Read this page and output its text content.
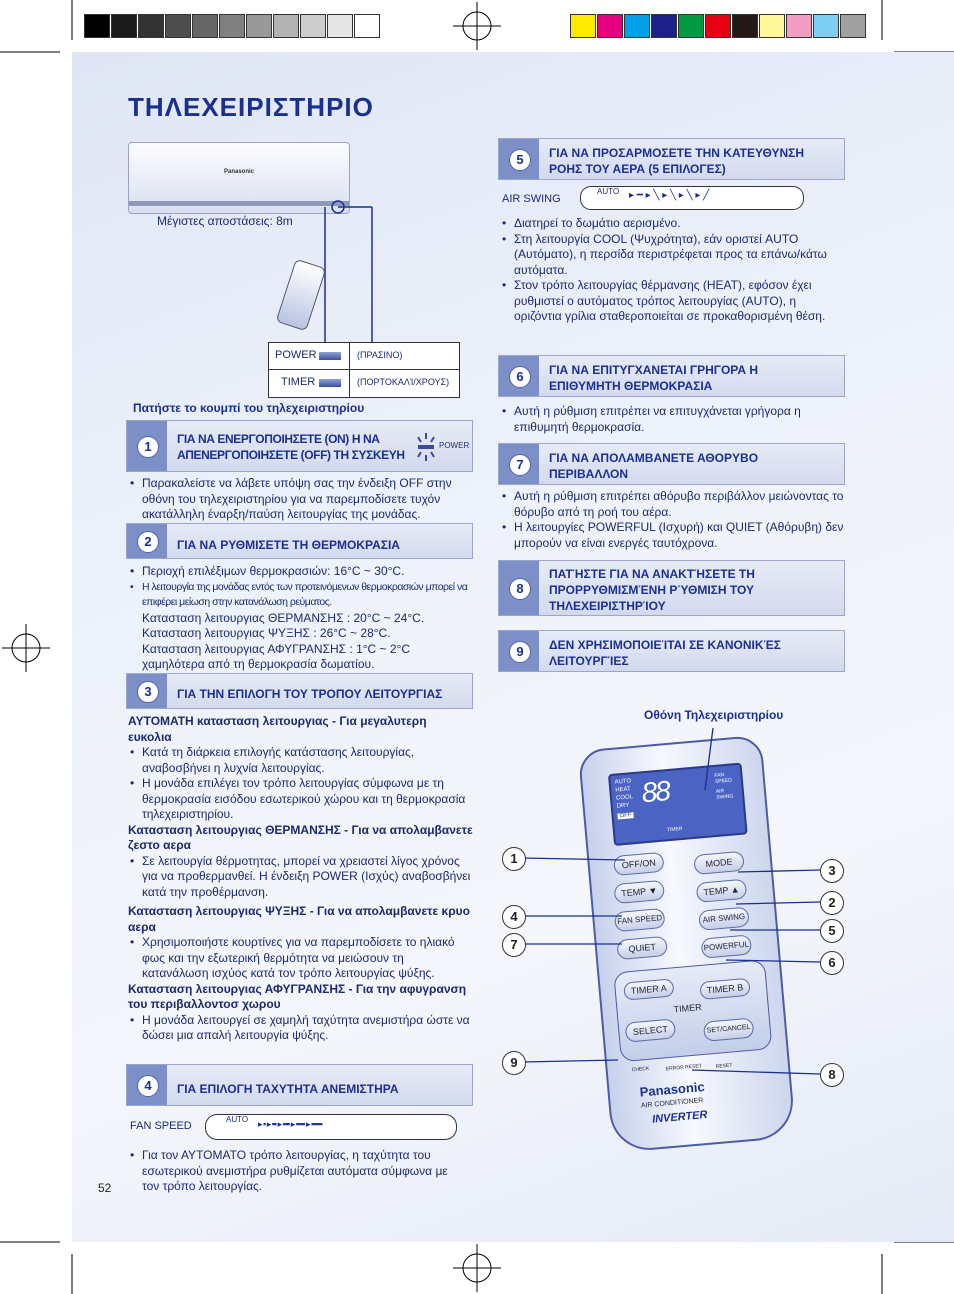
ΤΗΛΕΧΕΙΡΙΣΤΗΡΙΟ
Panasonic
Μέγιστες αποστάσεις: 8m
POWER	(ΠΡΑΣΙΝΟ)
TIMER	(ΠΟΡΤΟΚΑΛΊ/ΧΡΟΥΣ)
Πατήστε το κουμπί του τηλεχειριστηρίου
1	ΓΙΑ ΝΑ ΕΝΕΡΓΟΠΟΙΗΣΕΤΕ (ON) Η ΝΑ
ΑΠΕΝΕΡΓΟΠΟΙΗΣΕΤΕ (OFF) ΤΗ ΣΥΣΚΕΥΗ
POWER

• Παρακαλείστε να λάβετε υπόψη σας την ένδειξη OFF στην οθόνη του τηλεχειριστηρίου για να παρεμποδίσετε τυχόν ακατάλληλη έναρξη/παύση λειτουργίας της μονάδας.

2	ΓΙΑ ΝΑ ΡΥΘΜΙΣΕΤΕ ΤΗ ΘΕΡΜΟΚΡΑΣΙΑ

• Περιοχή επιλέξιμων θερμοκρασιών: 16°C ~ 30°C.

• Η λειτουργία της μονάδας εντός των προτεινόμενων θερμοκρασιών μπορεί να επιφέρει μείωση στην κατανάλωση ρεύματος.

Κατασταση λειτουργιας ΘΕΡΜΑΝΣΗΣ : 20°C ~ 24°C.

Κατασταση λειτουργιας ΨΥΞΗΣ : 26°C ~ 28°C.

Κατασταση λειτουργιας ΑΦΥΓΡΑΝΣΗΣ : 1°C ~ 2°C

χαμηλότερα από τη θερμοκρασία δωματίου.

3	ΓΙΑ ΤΗΝ ΕΠΙΛΟΓΗ ΤΟΥ ΤΡΟΠΟΥ ΛΕΙΤΟΥΡΓΙΑΣ

ΑΥΤΟΜΑΤΗ κατασταση λειτουργιας - Για μεγαλυτερη ευκολια

• Κατά τη διάρκεια επιλογής κατάστασης λειτουργίας, αναβοσβήνει η λυχνία λειτουργίας.

• Η μονάδα επιλέγει τον τρόπο λειτουργίας σύμφωνα με τη θερμοκρασία εισόδου εσωτερικού χώρου και τη θερμοκρασία τηλεχειριστηρίου.

Κατασταση λειτουργιας ΘΕΡΜΑΝΣΗΣ - Για να απολαμβανετε ζεστο αερα

• Σε λειτουργία θέρμοτητας, μπορεί να χρειαστεί λίγος χρόνος για να προθερμανθεί. Η ένδειξη POWER (Ισχύς) αναβοσβήνει κατά την προθέρμανση.

Κατασταση λειτουργιας ΨΥΞΗΣ - Για να απολαμβανετε κρυο αερα

• Χρησιμοποιήστε κουρτίνες για να παρεμποδίσετε το ηλιακό φως και την εξωτερική θερμότητα να μειώσουν τη κατανάλωση ισχύος κατά τον τρόπο λειτουργίας ψύξης.

Κατασταση λειτουργιας ΑΦΥΓΡΑΝΣΗΣ - Για την αφυγρανση του περιβαλλοντοσ χωρου

• Η μονάδα λειτουργεί σε χαμηλή ταχύτητα ανεμιστήρα ώστε να δώσει μια απαλή λειτουργία ψύξης.

4	ΓΙΑ ΕΠΙΛΟΓΗ ΤΑΧΥΤΗΤΑ ΑΝΕΜΙΣΤΗΡΑ
FAN SPEED
AUTO ▸ ▪ ▸ ▪▪ ▸ ▪▪▪ ▸ ▪▪▪▪ ▸ ▪▪▪▪▪

• Για τον ΑΥΤΟΜΑΤΟ τρόπο λειτουργίας, η ταχύτητα του εσωτερικού ανεμιστήρα ρυθμίζεται αυτόματα σύμφωνα με τον τρόπο λειτουργίας.

52
5	ΓΙΑ ΝΑ ΠΡΟΣΑΡΜΟΣΕΤΕ ΤΗΝ ΚΑΤΕΥΘΥΝΣΗ
ΡΟΗΣ ΤΟΥ ΑΕΡΑ (5 ΕΠΙΛΟΓΕΣ)
AIR SWING
AUTO ▸ ━ ▸ ╲ ▸ ╲ ▸ ╲ ▸ ╱

• Διατηρεί το δωμάτιο αερισμένο.

• Στη λειτουργία COOL (Ψυχρότητα), εάν οριστεί AUTO (Αυτόματο), η περσίδα περιστρέφεται προς τα επάνω/κάτω αυτόματα.

• Στον τρόπο λειτουργίας θέρμανσης (HEAT), εφόσον έχει ρυθμιστεί ο αυτόματος τρόπος λειτουργίας (AUTO), η οριζόντια γρίλια σταθεροποιείται σε προκαθορισμένη θέση.

6	ΓΙΑ ΝΑ ΕΠΙΤΥΓΧΑΝΕΤΑΙ ΓΡΗΓΟΡΑ Η
ΕΠΙΘΥΜΗΤΗ ΘΕΡΜΟΚΡΑΣΙΑ

• Αυτή η ρύθμιση επιτρέπει να επιτυγχάνεται γρήγορα η επιθυμητή θερμοκρασία.

7	ΓΙΑ ΝΑ ΑΠΟΛΑΜΒΑΝΕΤΕ ΑΘΟΡΥΒΟ
ΠΕΡΙΒΑΛΛΟΝ

• Αυτή η ρύθμιση επιτρέπει αθόρυβο περιβάλλον μειώνοντας το θόρυβο από τη ροή του αέρα.

• Η λειτουργίες POWERFUL (Ισχυρή) και QUIET (Αθόρυβη) δεν μπορούν να είναι ενεργές ταυτόχρονα.

8
ΠΑΤΉΣΤΕ ΓΙΑ ΝΑ ΑΝΑΚΤΉΣΕΤΕ ΤΗ
ΠΡΟΡΡΥΘΜΙΣΜΈΝΗ ΡΎΘΜΙΣΗ ΤΟΥ
ΤΗΛΕΧΕΙΡΙΣΤΗΡΊΟΥ
9	ΔΕΝ ΧΡΗΣΙΜΟΠΟΙΕΊΤΑΙ ΣΕ ΚΑΝΟΝΙΚΈΣ
ΛΕΙΤΟΥΡΓΊΕΣ
Οθόνη Τηλεχειριστηρίου
AUTO
HEAT
COOL
DRY
OFF
88	FAN
SPEED
AIR
SWING
TIMER
OFF/ON	MODE
TEMP ▼	TEMP ▲
FAN SPEED	AIR SWING
QUIET	POWERFUL
TIMER A	TIMER B
TIMER
SELECT	SET/CANCEL
CHECK	ERROR RESET	RESET
Panasonic
AIR CONDITIONER
INVERTER
1
4
7
9
3
2
5
6
8
